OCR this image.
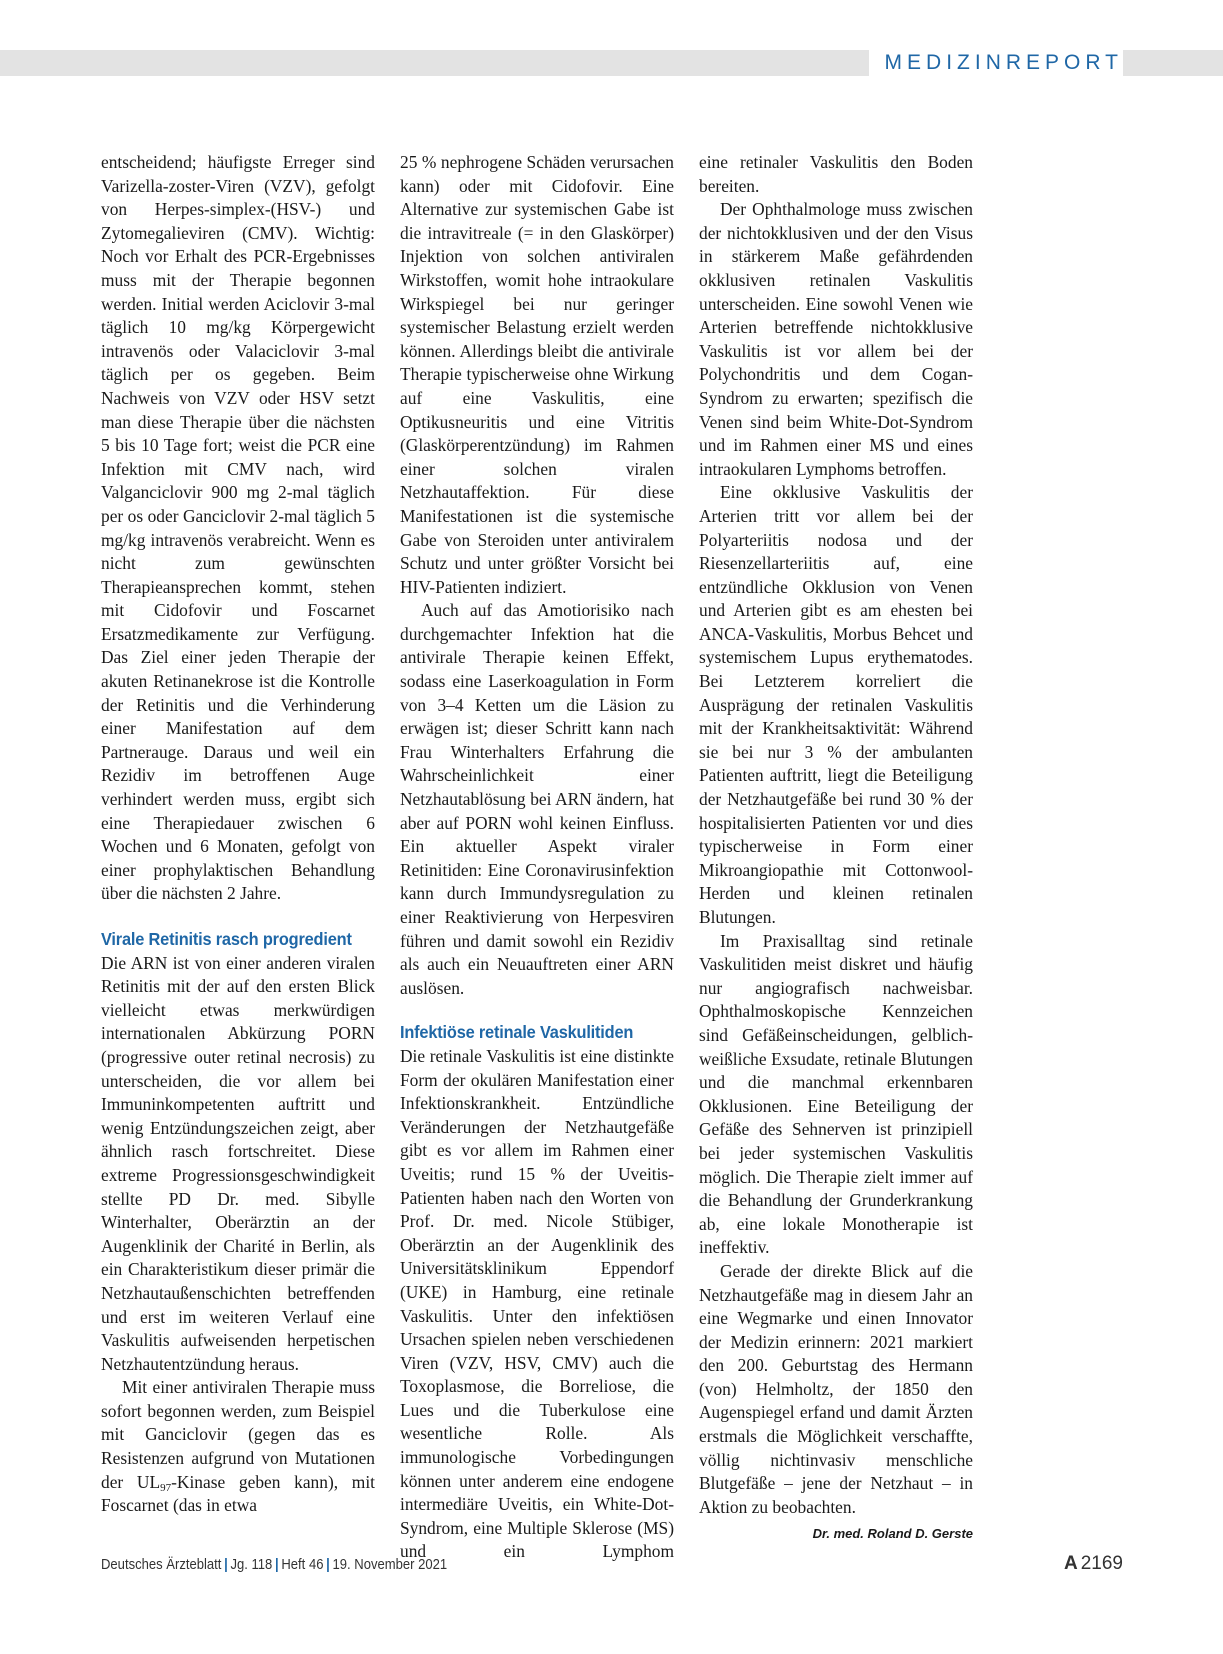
MEDIZINREPORT

entscheidend; häufigste Erreger sind Varizella-zoster-Viren (VZV), gefolgt von Herpes-simplex-(HSV-) und Zytomegalieviren (CMV). Wichtig: Noch vor Erhalt des PCR-Ergebnisses muss mit der Therapie begonnen werden. Initial werden Aciclovir 3-mal täglich 10 mg/kg Körpergewicht intravenös oder Valaciclovir 3-mal täglich per os gegeben. Beim Nachweis von VZV oder HSV setzt man diese Therapie über die nächsten 5 bis 10 Tage fort; weist die PCR eine Infektion mit CMV nach, wird Valganciclovir 900 mg 2-mal täglich per os oder Ganciclovir 2-mal täglich 5 mg/kg intravenös verabreicht. Wenn es nicht zum gewünschten Therapieansprechen kommt, stehen mit Cidofovir und Foscarnet Ersatzmedikamente zur Verfügung. Das Ziel einer jeden Therapie der akuten Retinanekrose ist die Kontrolle der Retinitis und die Verhinderung einer Manifestation auf dem Partnerauge. Daraus und weil ein Rezidiv im betroffenen Auge verhindert werden muss, ergibt sich eine Therapiedauer zwischen 6 Wochen und 6 Monaten, gefolgt von einer prophylaktischen Behandlung über die nächsten 2 Jahre.

Virale Retinitis rasch progredient

Die ARN ist von einer anderen viralen Retinitis mit der auf den ersten Blick vielleicht etwas merkwürdigen internationalen Abkürzung PORN (progressive outer retinal necrosis) zu unterscheiden, die vor allem bei Immuninkompetenten auftritt und wenig Entzündungszeichen zeigt, aber ähnlich rasch fortschreitet. Diese extreme Progressionsgeschwindigkeit stellte PD Dr. med. Sibylle Winterhalter, Oberärztin an der Augenklinik der Charité in Berlin, als ein Charakteristikum dieser primär die Netzhautaußenschichten betreffenden und erst im weiteren Verlauf eine Vaskulitis aufweisenden herpetischen Netzhautentzündung heraus.

Mit einer antiviralen Therapie muss sofort begonnen werden, zum Beispiel mit Ganciclovir (gegen das es Resistenzen aufgrund von Mutationen der $UL_{97}$-Kinase geben kann), mit Foscarnet (das in etwa

25 % nephrogene Schäden verursachen kann) oder mit Cidofovir. Eine Alternative zur systemischen Gabe ist die intravitreale (= in den Glaskörper) Injektion von solchen antiviralen Wirkstoffen, womit hohe intraokulare Wirkspiegel bei nur geringer systemischer Belastung erzielt werden können. Allerdings bleibt die antivirale Therapie typischerweise ohne Wirkung auf eine Vaskulitis, eine Optikusneuritis und eine Vitritis (Glaskörperentzündung) im Rahmen einer solchen viralen Netzhautaffektion. Für diese Manifestationen ist die systemische Gabe von Steroiden unter antiviralem Schutz und unter größter Vorsicht bei HIV-Patienten indiziert.

Auch auf das Amotiorisiko nach durchgemachter Infektion hat die antivirale Therapie keinen Effekt, sodass eine Laserkoagulation in Form von 3–4 Ketten um die Läsion zu erwägen ist; dieser Schritt kann nach Frau Winterhalters Erfahrung die Wahrscheinlichkeit einer Netzhautablösung bei ARN ändern, hat aber auf PORN wohl keinen Einfluss. Ein aktueller Aspekt viraler Retinitiden: Eine Coronavirusinfektion kann durch Immundysregulation zu einer Reaktivierung von Herpesviren führen und damit sowohl ein Rezidiv als auch ein Neuauftreten einer ARN auslösen.

Infektiöse retinale Vaskulitiden

Die retinale Vaskulitis ist eine distinkte Form der okulären Manifestation einer Infektionskrankheit. Entzündliche Veränderungen der Netzhautgefäße gibt es vor allem im Rahmen einer Uveitis; rund 15 % der Uveitis-Patienten haben nach den Worten von Prof. Dr. med. Nicole Stübiger, Oberärztin an der Augenklinik des Universitätsklinikum Eppendorf (UKE) in Hamburg, eine retinale Vaskulitis. Unter den infektiösen Ursachen spielen neben verschiedenen Viren (VZV, HSV, CMV) auch die Toxoplasmose, die Borreliose, die Lues und die Tuberkulose eine wesentliche Rolle. Als immunologische Vorbedingungen können unter anderem eine endogene intermediäre Uveitis, ein White-Dot-Syndrom, eine Multiple Sklerose (MS) und ein Lymphom

eine retinaler Vaskulitis den Boden bereiten.

Der Ophthalmologe muss zwischen der nichtokklusiven und der den Visus in stärkerem Maße gefährdenden okklusiven retinalen Vaskulitis unterscheiden. Eine sowohl Venen wie Arterien betreffende nichtokklusive Vaskulitis ist vor allem bei der Polychondritis und dem Cogan-Syndrom zu erwarten; spezifisch die Venen sind beim White-Dot-Syndrom und im Rahmen einer MS und eines intraokularen Lymphoms betroffen.

Eine okklusive Vaskulitis der Arterien tritt vor allem bei der Polyarteriitis nodosa und der Riesenzellarteriitis auf, eine entzündliche Okklusion von Venen und Arterien gibt es am ehesten bei ANCA-Vaskulitis, Morbus Behcet und systemischem Lupus erythematodes. Bei Letzterem korreliert die Ausprägung der retinalen Vaskulitis mit der Krankheitsaktivität: Während sie bei nur 3 % der ambulanten Patienten auftritt, liegt die Beteiligung der Netzhautgefäße bei rund 30 % der hospitalisierten Patienten vor und dies typischerweise in Form einer Mikroangiopathie mit Cottonwool-Herden und kleinen retinalen Blutungen.

Im Praxisalltag sind retinale Vaskulitiden meist diskret und häufig nur angiografisch nachweisbar. Ophthalmoskopische Kennzeichen sind Gefäßeinscheidungen, gelblich-weißliche Exsudate, retinale Blutungen und die manchmal erkennbaren Okklusionen. Eine Beteiligung der Gefäße des Sehnerven ist prinzipiell bei jeder systemischen Vaskulitis möglich. Die Therapie zielt immer auf die Behandlung der Grunderkrankung ab, eine lokale Monotherapie ist ineffektiv.

Gerade der direkte Blick auf die Netzhautgefäße mag in diesem Jahr an eine Wegmarke und einen Innovator der Medizin erinnern: 2021 markiert den 200. Geburtstag des Hermann (von) Helmholtz, der 1850 den Augenspiegel erfand und damit Ärzten erstmals die Möglichkeit verschaffte, völlig nichtinvasiv menschliche Blutgefäße – jene der Netzhaut – in Aktion zu beobachten.
Dr. med. Roland D. Gerste

Deutsches Ärzteblatt | Jg. 118 | Heft 46 | 19. November 2021	A 2169
